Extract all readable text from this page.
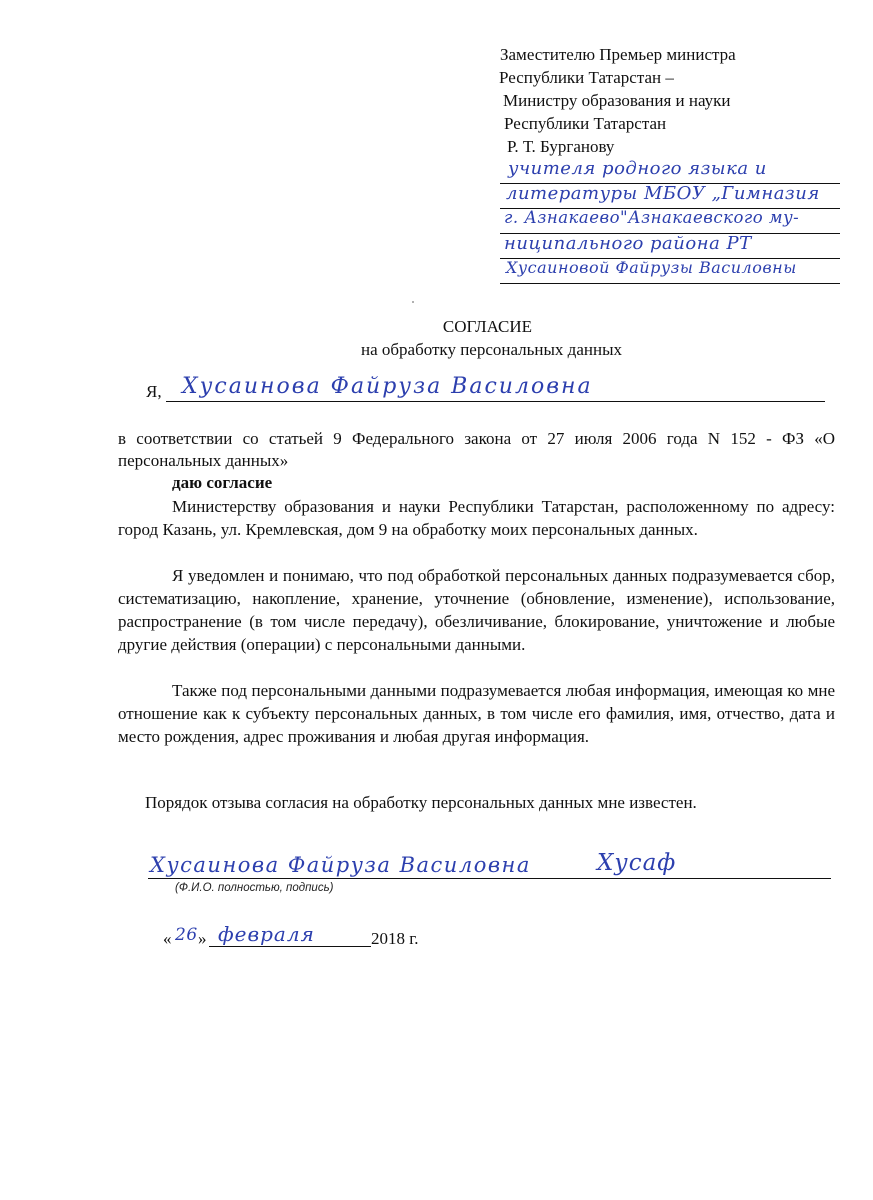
Заместителю Премьер министра
Республики Татарстан –
Министру образования и науки
Республики Татарстан
Р. Т. Бурганову
учителя родного языка и
литературы МБОУ „Гимназия
г. Азнакаево"Азнакаевского му-
ниципального района РТ
Хусаиновой Файрузы Василовны
СОГЛАСИЕ
на обработку персональных данных
Я, Хусаинова Файруза Василовна

в соответствии со статьей 9 Федерального закона от 27 июля 2006 года N 152 - ФЗ «О персональных данных»

даю согласие

Министерству образования и науки Республики Татарстан, расположенному по адресу: город Казань, ул. Кремлевская, дом 9 на обработку моих персональных данных.

Я уведомлен и понимаю, что под обработкой персональных данных подразумевается сбор, систематизацию, накопление, хранение, уточнение (обновление, изменение), использование, распространение (в том числе передачу), обезличивание, блокирование, уничтожение и любые другие действия (операции) с персональными данными.

Также под персональными данными подразумевается любая информация, имеющая ко мне отношение как к субъекту персональных данных, в том числе его фамилия, имя, отчество, дата и место рождения, адрес проживания и любая другая информация.

Порядок отзыва согласия на обработку персональных данных мне известен.
Хусаинова Файруза Василовна	Хусаф
(Ф.И.О. полностью, подпись)
« 26 » февраля	2018 г.
